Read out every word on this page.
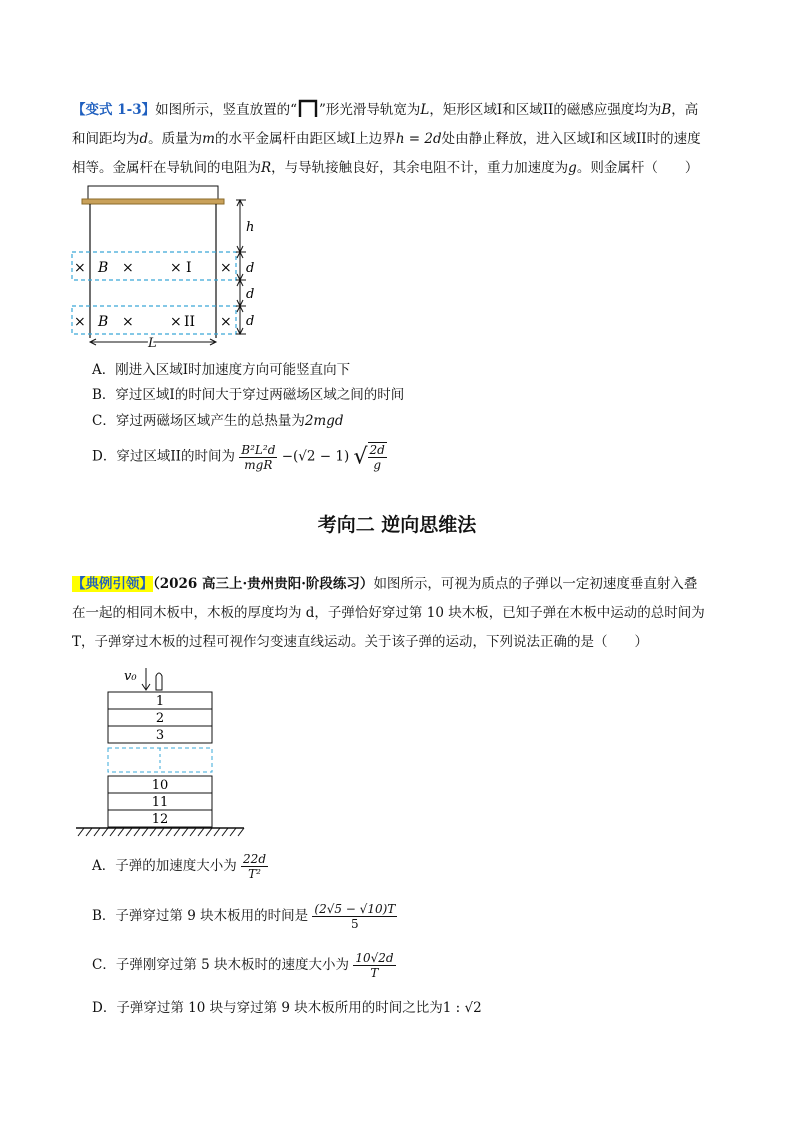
【变式 1-3】如图所示，竖直放置的“ ”形光滑导轨宽为L，矩形区域I和区域II的磁感应强度均为B，高
和间距均为d。质量为m的水平金属杆由距区域I上边界h = 2d处由静止释放，进入区域I和区域II时的速度
相等。金属杆在导轨间的电阻为R，与导轨接触良好，其余电阻不计，重力加速度为g。则金属杆（　　）
× B ×	× I ×
× B ×	× II ×
h
d
d
d
L
A．刚进入区域I时加速度方向可能竖直向下
B．穿过区域I的时间大于穿过两磁场区域之间的时间
C．穿过两磁场区域产生的总热量为2mgd
D．穿过区域II的时间为 $\frac{\text{B²L²d}}{\text{mgR}} -(√2 - 1)$ √ $\frac{2d}{g}$
考向二 逆向思维法
【典例引领】（2026 高三上·贵州贵阳·阶段练习）如图所示，可视为质点的子弹以一定初速度垂直射入叠
在一起的相同木板中，木板的厚度均为 d，子弹恰好穿过第 10 块木板，已知子弹在木板中运动的总时间为
T，子弹穿过木板的过程可视作匀变速直线运动。关于该子弹的运动，下列说法正确的是（　　）
v₀
1
2
3
10
11
12
A．子弹的加速度大小为 $\frac{22d}{\text{T²}}$
B．子弹穿过第 9 块木板用的时间是 $\frac{(2√5 - √10)T}{5}$
C．子弹刚穿过第 5 块木板时的速度大小为 $\frac{10√2d}{T}$
D．子弹穿过第 10 块与穿过第 9 块木板所用的时间之比为1 : √2
